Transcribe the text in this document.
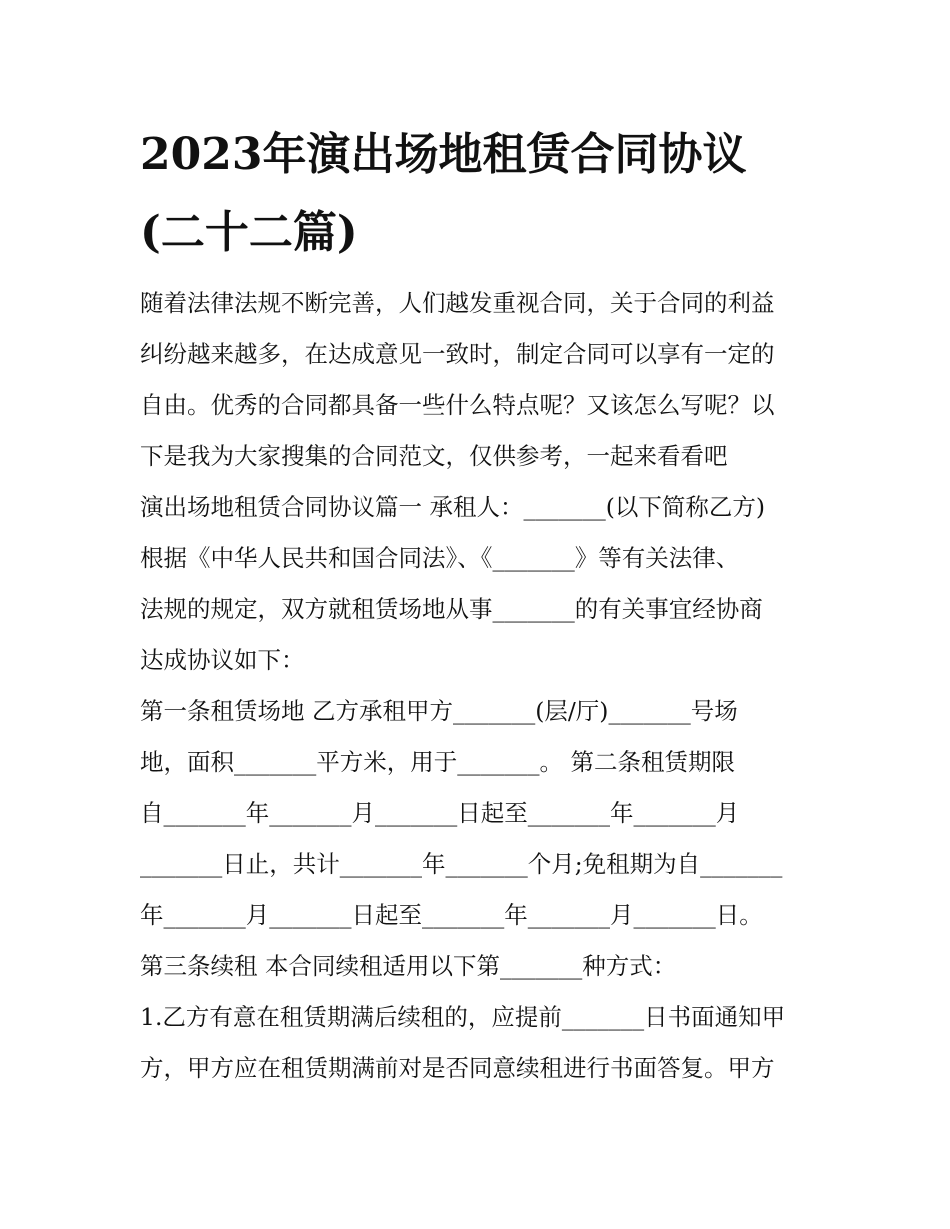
2023年演出场地租赁合同协议
(二十二篇)
随着法律法规不断完善，人们越发重视合同，关于合同的利益
纠纷越来越多，在达成意见一致时，制定合同可以享有一定的
自由。优秀的合同都具备一些什么特点呢？又该怎么写呢？以
下是我为大家搜集的合同范文，仅供参考，一起来看看吧
演出场地租赁合同协议篇一 承租人：_______(以下简称乙方)
根据《中华人民共和国合同法》、《_______》等有关法律、
法规的规定，双方就租赁场地从事_______的有关事宜经协商
达成协议如下：
第一条租赁场地 乙方承租甲方_______(层/厅)_______号场
地，面积_______平方米，用于_______。 第二条租赁期限
自_______年_______月_______日起至_______年_______月
_______日止，共计_______年_______个月;免租期为自_______
年_______月_______日起至_______年_______月_______日。
第三条续租 本合同续租适用以下第_______种方式：
1.乙方有意在租赁期满后续租的，应提前_______日书面通知甲
方，甲方应在租赁期满前对是否同意续租进行书面答复。甲方
